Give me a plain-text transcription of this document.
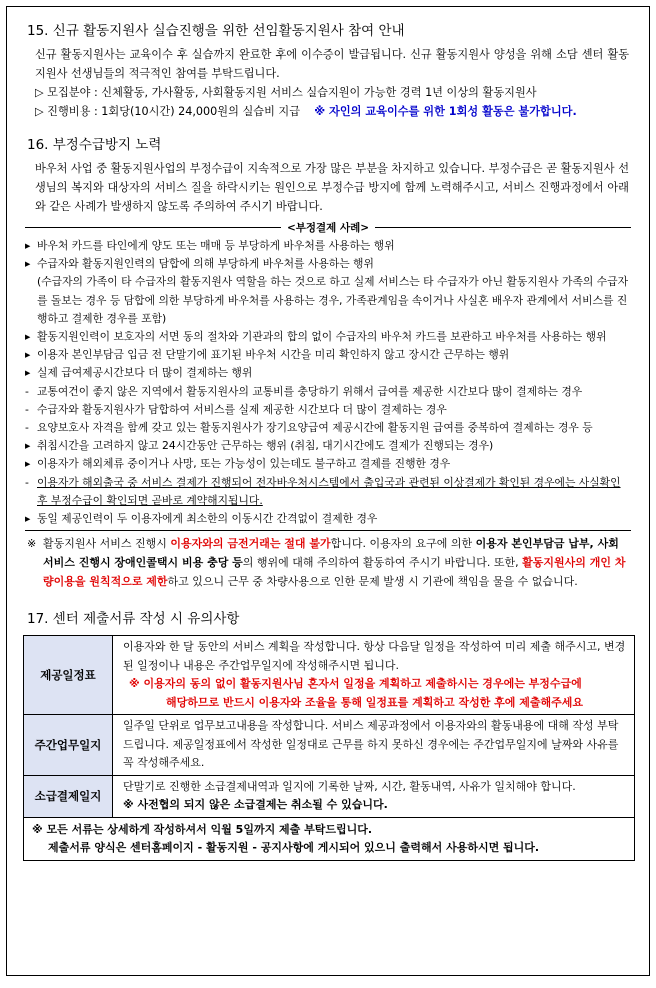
15. 신규 활동지원사 실습진행을 위한 선임활동지원사 참여 안내

신규 활동지원사는 교육이수 후 실습까지 완료한 후에 이수증이 발급됩니다. 신규 활동지원사 양성을 위해 소담 센터 활동지원사 선생님들의 적극적인 참여를 부탁드립니다.

▷ 모집분야 : 신체활동, 가사활동, 사회활동지원 서비스 실습지원이 가능한 경력 1년 이상의 활동지원사
▷ 진행비용 : 1회당(10시간) 24,000원의 실습비 지급 ※ 자인의 교육이수를 위한 1회성 활동은 불가합니다.
16. 부정수급방지 노력

바우처 사업 중 활동지원사업의 부정수급이 지속적으로 가장 많은 부분을 차지하고 있습니다. 부정수급은 곧 활동지원사 선생님의 복지와 대상자의 서비스 질을 하락시키는 원인으로 부정수급 방지에 함께 노력해주시고, 서비스 진행과정에서 아래와 같은 사례가 발생하지 않도록 주의하여 주시기 바랍니다.

<부정결제 사례>
▸ 바우처 카드를 타인에게 양도 또는 매매 등 부당하게 바우처를 사용하는 행위
▸ 수급자와 활동지원인력의 담합에 의해 부당하게 바우처를 사용하는 행위
(수급자의 가족이 타 수급자의 활동지원사 역할을 하는 것으로 하고 실제 서비스는 타 수급자가 아닌 활동지원사 가족의 수급자를 돌보는 경우 등 담합에 의한 부당하게 바우처를 사용하는 경우, 가족관계임을 속이거나 사실혼 배우자 관계에서 서비스를 진행하고 결제한 경우를 포함)
▸ 활동지원인력이 보호자의 서면 동의 절차와 기관과의 합의 없이 수급자의 바우처 카드를 보관하고 바우처를 사용하는 행위
▸ 이용자 본인부담금 입금 전 단말기에 표기된 바우처 시간을 미리 확인하지 않고 장시간 근무하는 행위
▸ 실제 급여제공시간보다 더 많이 결제하는 행위
- 교통여건이 좋지 않은 지역에서 활동지원사의 교통비를 충당하기 위해서 급여를 제공한 시간보다 많이 결제하는 경우
- 수급자와 활동지원사가 담합하여 서비스를 실제 제공한 시간보다 더 많이 결제하는 경우
- 요양보호사 자격을 함께 갖고 있는 활동지원사가 장기요양급여 제공시간에 활동지원 급여를 중복하여 결제하는 경우 등
▸ 취침시간을 고려하지 않고 24시간동안 근무하는 행위 (취침, 대기시간에도 결제가 진행되는 경우)
▸ 이용자가 해외체류 중이거나 사망, 또는 가능성이 있는데도 불구하고 결제를 진행한 경우
- 이용자가 해외출국 중 서비스 결제가 진행되어 전자바우처시스템에서 출입국과 관련된 이상결제가 확인된 경우에는 사실확인 후 부정수급이 확인되면 곧바로 계약해지됩니다.
▸ 동일 제공인력이 두 이용자에게 최소한의 이동시간 간격없이 결제한 경우

※ 활동지원사 서비스 진행시 이용자와의 금전거래는 절대 불가합니다. 이용자의 요구에 의한 이용자 본인부담금 납부, 사회서비스 진행시 장애인콜택시 비용 충당 등의 행위에 대해 주의하여 활동하여 주시기 바랍니다. 또한, 활동지원사의 개인 차량이용을 원칙적으로 제한하고 있으니 근무 중 차량사용으로 인한 문제 발생 시 기관에 책임을 물을 수 없습니다.

17. 센터 제출서류 작성 시 유의사항
제공일정표	이용자와 한 달 동안의 서비스 계획을 작성합니다. 항상 다음달 일정을 작성하여 미리 제출 해주시고, 변경된 일정이나 내용은 주간업무일지에 작성해주시면 됩니다.
※ 이용자의 동의 없이 활동지원사님 혼자서 일정을 계획하고 제출하시는 경우에는 부정수급에
해당하므로 반드시 이용자와 조율을 통해 일정표를 계획하고 작성한 후에 제출해주세요

주간업무일지	일주일 단위로 업무보고내용을 작성합니다. 서비스 제공과정에서 이용자와의 활동내용에 대해 작성 부탁드립니다. 제공일정표에서 작성한 일정대로 근무를 하지 못하신 경우에는 주간업무일지에 날짜와 사유를 꼭 작성해주세요.
소급결제일지	단말기로 진행한 소급결제내역과 일지에 기록한 날짜, 시간, 활동내역, 사유가 일치해야 합니다.
※ 사전협의 되지 않은 소급결제는 취소될 수 있습니다.

※ 모든 서류는 상세하게 작성하셔서 익월 5일까지 제출 부탁드립니다.
제출서류 양식은 센터홈페이지 - 활동지원 - 공지사항에 게시되어 있으니 출력해서 사용하시면 됩니다.	
